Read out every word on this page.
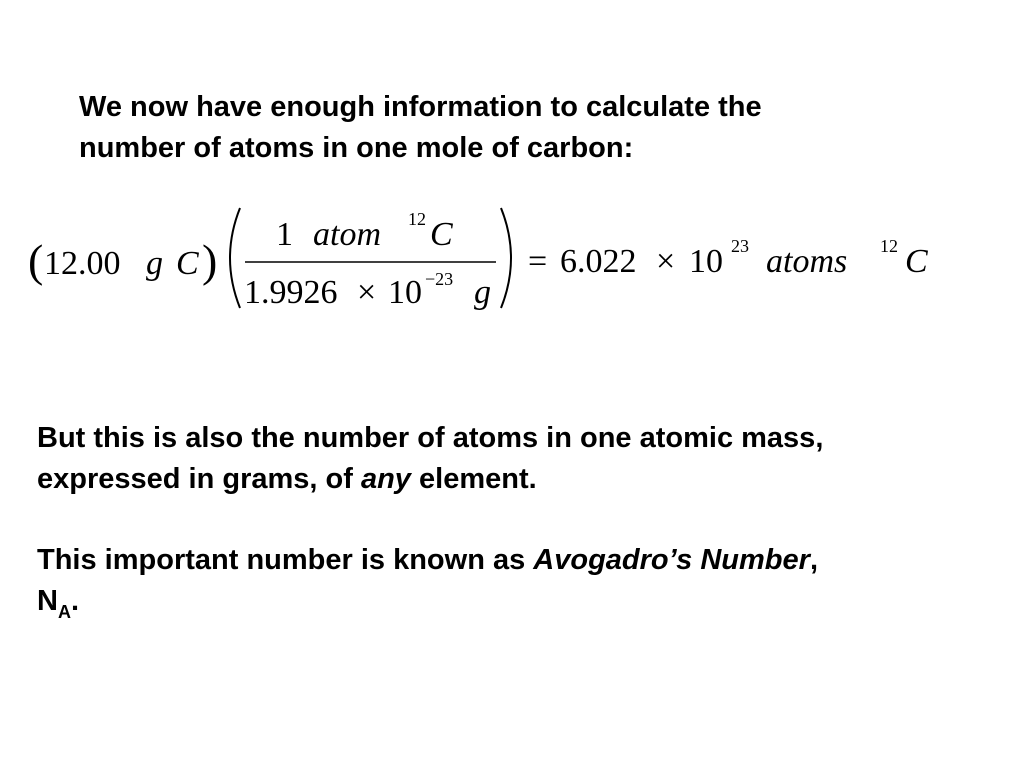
We now have enough information to calculate the
number of atoms in one mole of carbon:

( 12.00 g C )
1 atom 12 C
1.9926 × 10 −23 g
= 6.022 × 10 23 atoms 12 C

But this is also the number of atoms in one atomic mass,
expressed in grams, of any element.

This important number is known as Avogadro’s Number,
$N_A$.
